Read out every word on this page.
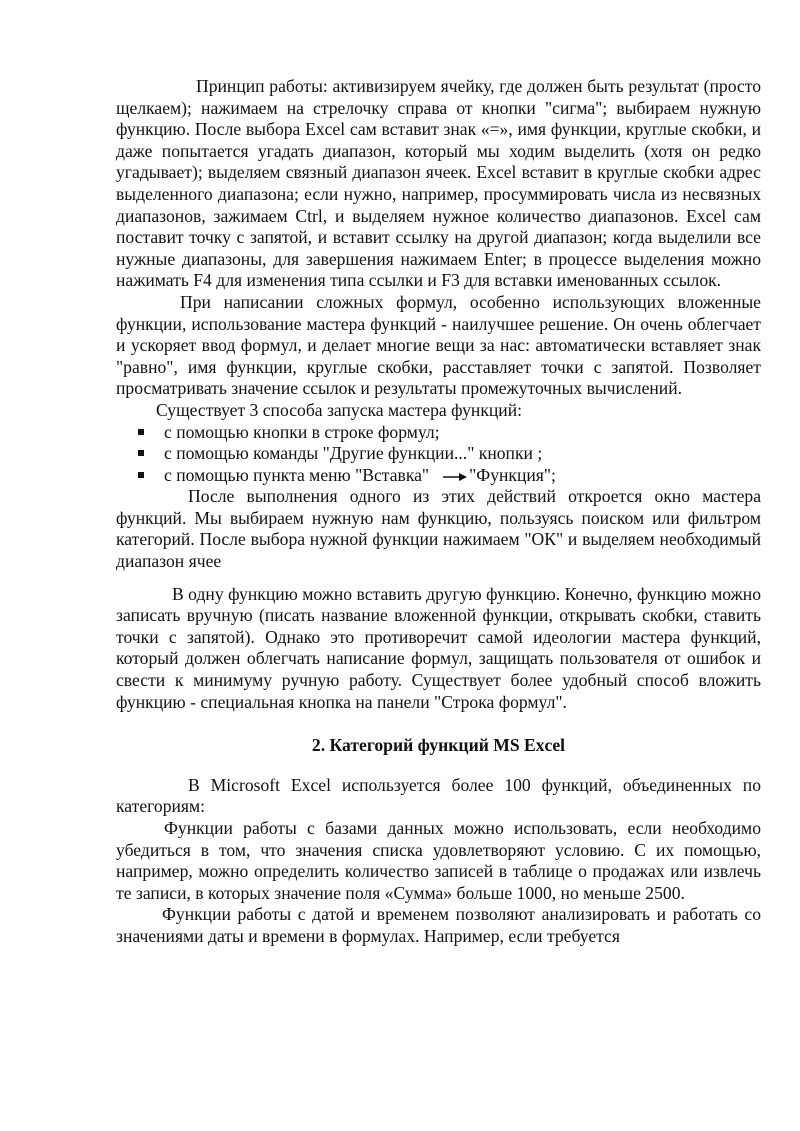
Принцип работы: активизируем ячейку, где должен быть результат (просто щелкаем); нажимаем на стрелочку справа от кнопки "сигма"; выбираем нужную функцию. После выбора Excel сам вставит знак «=», имя функции, круглые скобки, и даже попытается угадать диапазон, который мы ходим выделить (хотя он редко угадывает); выделяем связный диапазон ячеек. Excel вставит в круглые скобки адрес выделенного диапазона; если нужно, например, просуммировать числа из несвязных диапазонов, зажимаем Ctrl, и выделяем нужное количество диапазонов. Excel сам поставит точку с запятой, и вставит ссылку на другой диапазон; когда выделили все нужные диапазоны, для завершения нажимаем Enter; в процессе выделения можно нажимать F4 для изменения типа ссылки и F3 для вставки именованных ссылок.

При написании сложных формул, особенно использующих вложенные функции, использование мастера функций - наилучшее решение. Он очень облегчает и ускоряет ввод формул, и делает многие вещи за нас: автоматически вставляет знак "равно", имя функции, круглые скобки, расставляет точки с запятой. Позволяет просматривать значение ссылок и результаты промежуточных вычислений.

Существует 3 способа запуска мастера функций:

с помощью кнопки в строке формул;
с помощью команды "Другие функции..." кнопки ;
с помощью пункта меню "Вставка" "Функция";

После выполнения одного из этих действий откроется окно мастера функций. Мы выбираем нужную нам функцию, пользуясь поиском или фильтром категорий. После выбора нужной функции нажимаем "ОК" и выделяем необходимый диапазон ячее

В одну функцию можно вставить другую функцию. Конечно, функцию можно записать вручную (писать название вложенной функции, открывать скобки, ставить точки с запятой). Однако это противоречит самой идеологии мастера функций, который должен облегчать написание формул, защищать пользователя от ошибок и свести к минимуму ручную работу. Существует более удобный способ вложить функцию - специальная кнопка на панели "Строка формул".

2. Категорий функций MS Excel

В Microsoft Excel используется более 100 функций, объединенных по категориям:

Функции работы с базами данных можно использовать, если необходимо убедиться в том, что значения списка удовлетворяют условию. С их помощью, например, можно определить количество записей в таблице о продажах или извлечь те записи, в которых значение поля «Сумма» больше 1000, но меньше 2500.

Функции работы с датой и временем позволяют анализировать и работать со значениями даты и времени в формулах. Например, если требуется
